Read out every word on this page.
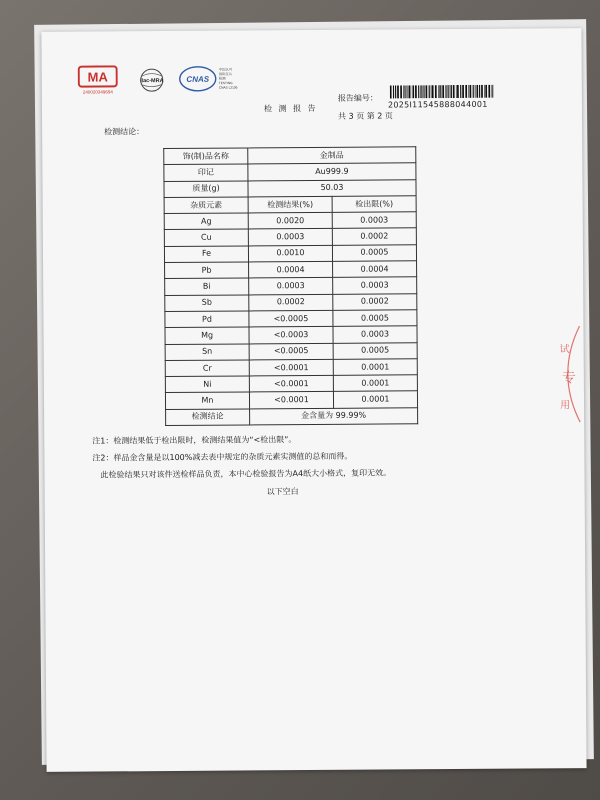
MA
240020349694
ilac-MRA	CNAS
中国认可
国际互认
检测
TESTING
CNAS L2136
检 测 报 告
报告编号：
2025I11545888044001
共 3 页 第 2 页
检测结论：
饰(制)品名称	金制品	
印记	Au999.9	
质量(g)	50.03	
杂质元素	检测结果(%)	检出限(%)
Ag	0.0020	0.0003
Cu	0.0003	0.0002
Fe	0.0010	0.0005
Pb	0.0004	0.0004
Bi	0.0003	0.0003
Sb	0.0002	0.0002
Pd	<0.0005	0.0005
Mg	<0.0003	0.0003
Sn	<0.0005	0.0005
Cr	<0.0001	0.0001
Ni	<0.0001	0.0001
Mn	<0.0001	0.0001
检测结论	金含量为 99.99%	
注1：检测结果低于检出限时，检测结果值为“<检出限”。
注2：样品金含量是以100%减去表中规定的杂质元素实测值的总和而得。
此检验结果只对该件送检样品负责，本中心检验报告为A4纸大小格式，复印无效。
以下空白
试
专
用
